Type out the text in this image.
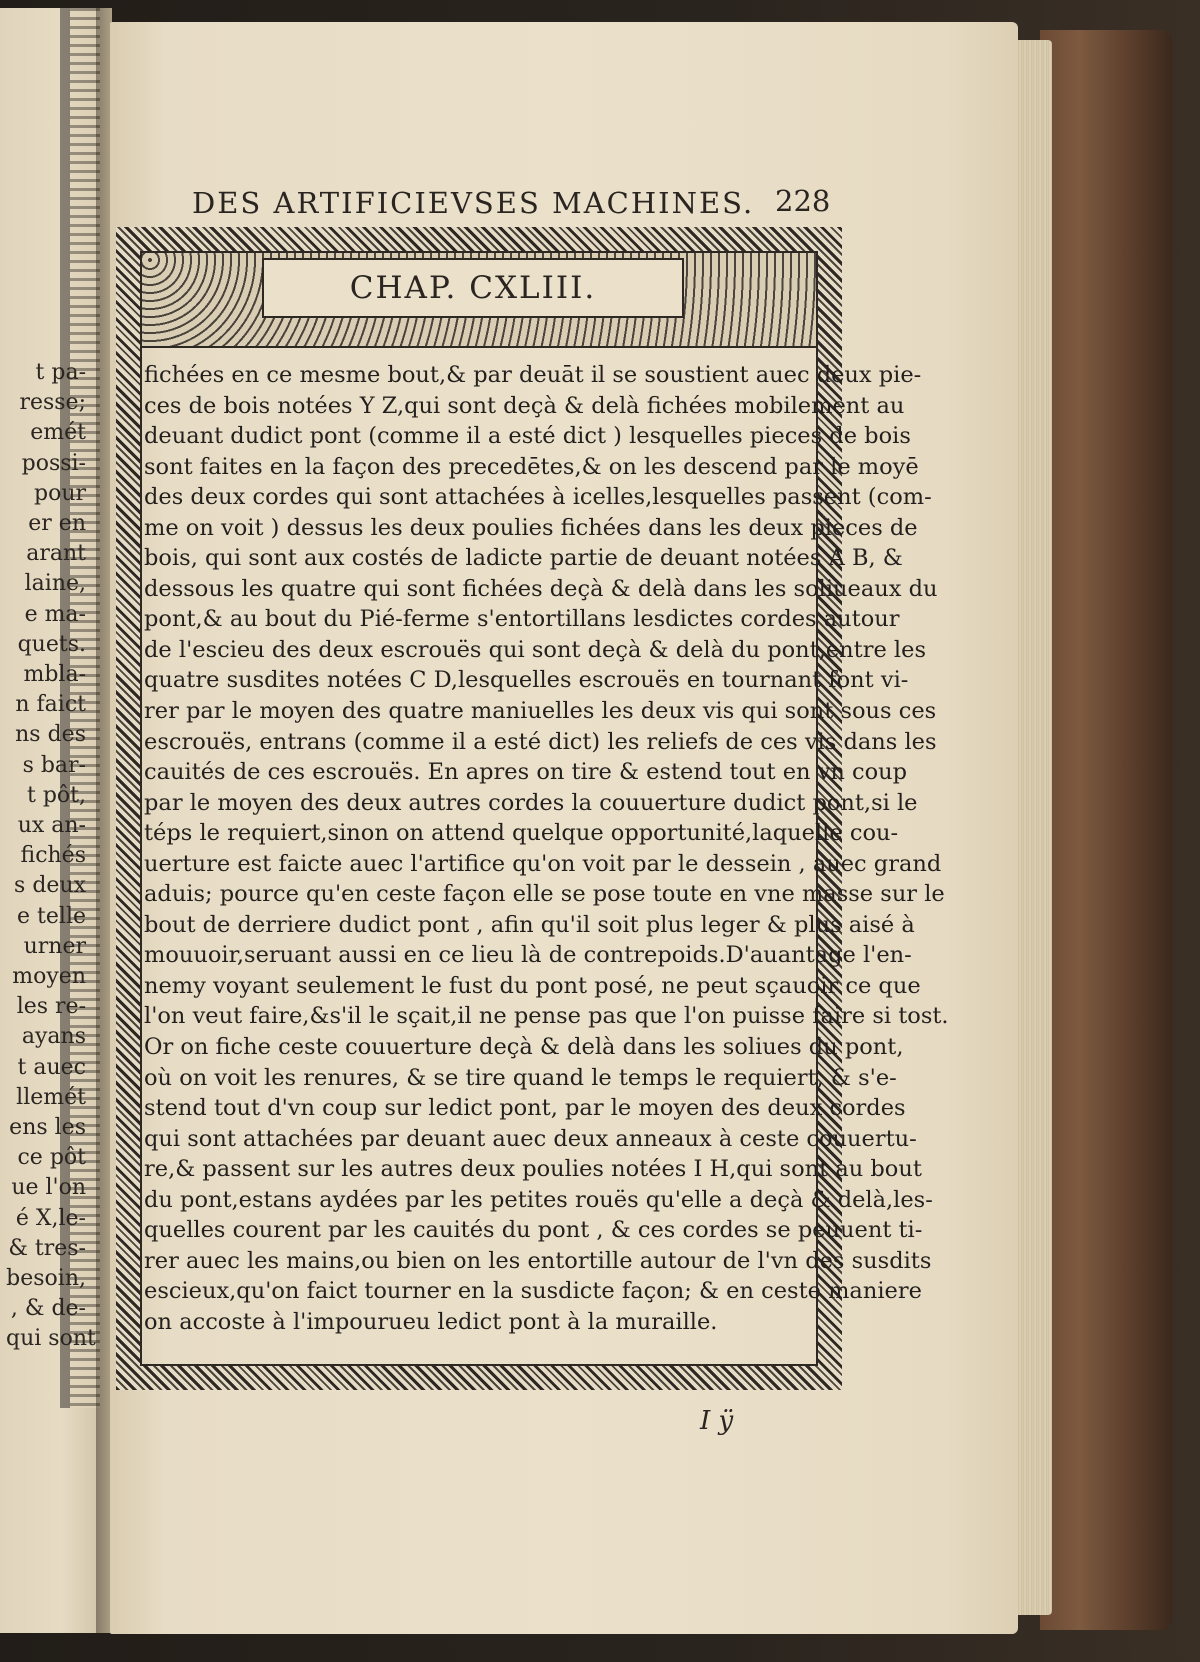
t pa-
resse;
emét
possi-
pour
er en
arant
laine,
e ma-
quets.
mbla-
n faict
ns des
s bar-
t pôt,
ux an-
fichés
s deux
e telle
urner
moyen
les re-
ayans
t auec
llemét
ens les
ce pôt
ue l'on
é X,le-
& tres-
besoin,
, & de-
qui sont
DES ARTIFICIEVSES MACHINES. 228
CHAP. CXLIII.
fichées en ce mesme bout,& par deuāt il se soustient auec deux pie-
ces de bois notées Y Z,qui sont deçà & delà fichées mobilement au
deuant dudict pont (comme il a esté dict ) lesquelles pieces de bois
sont faites en la façon des precedētes,& on les descend par le moyē
des deux cordes qui sont attachées à icelles,lesquelles passent (com-
me on voit ) dessus les deux poulies fichées dans les deux pieces de
bois, qui sont aux costés de ladicte partie de deuant notées A B, &
dessous les quatre qui sont fichées deçà & delà dans les soliueaux du
pont,& au bout du Pié-ferme s'entortillans lesdictes cordes autour
de l'escieu des deux escrouës qui sont deçà & delà du pont,entre les
quatre susdites notées C D,lesquelles escrouës en tournant font vi-
rer par le moyen des quatre maniuelles les deux vis qui sont sous ces
escrouës, entrans (comme il a esté dict) les reliefs de ces vis dans les
cauités de ces escrouës. En apres on tire & estend tout en vn coup
par le moyen des deux autres cordes la couuerture dudict pont,si le
téps le requiert,sinon on attend quelque opportunité,laquelle cou-
uerture est faicte auec l'artifice qu'on voit par le dessein , auec grand
aduis; pource qu'en ceste façon elle se pose toute en vne masse sur le
bout de derriere dudict pont , afin qu'il soit plus leger & plus aisé à
mouuoir,seruant aussi en ce lieu là de contrepoids.D'auantage l'en-
nemy voyant seulement le fust du pont posé, ne peut sçauoir ce que
l'on veut faire,&s'il le sçait,il ne pense pas que l'on puisse faire si tost.
Or on fiche ceste couuerture deçà & delà dans les soliues du pont,
où on voit les renures, & se tire quand le temps le requiert, & s'e-
stend tout d'vn coup sur ledict pont, par le moyen des deux cordes
qui sont attachées par deuant auec deux anneaux à ceste couuertu-
re,& passent sur les autres deux poulies notées I H,qui sont au bout
du pont,estans aydées par les petites rouës qu'elle a deçà & delà,les-
quelles courent par les cauités du pont , & ces cordes se peuuent ti-
rer auec les mains,ou bien on les entortille autour de l'vn des susdits
escieux,qu'on faict tourner en la susdicte façon; & en ceste maniere
on accoste à l'impourueu ledict pont à la muraille.
I ÿ
